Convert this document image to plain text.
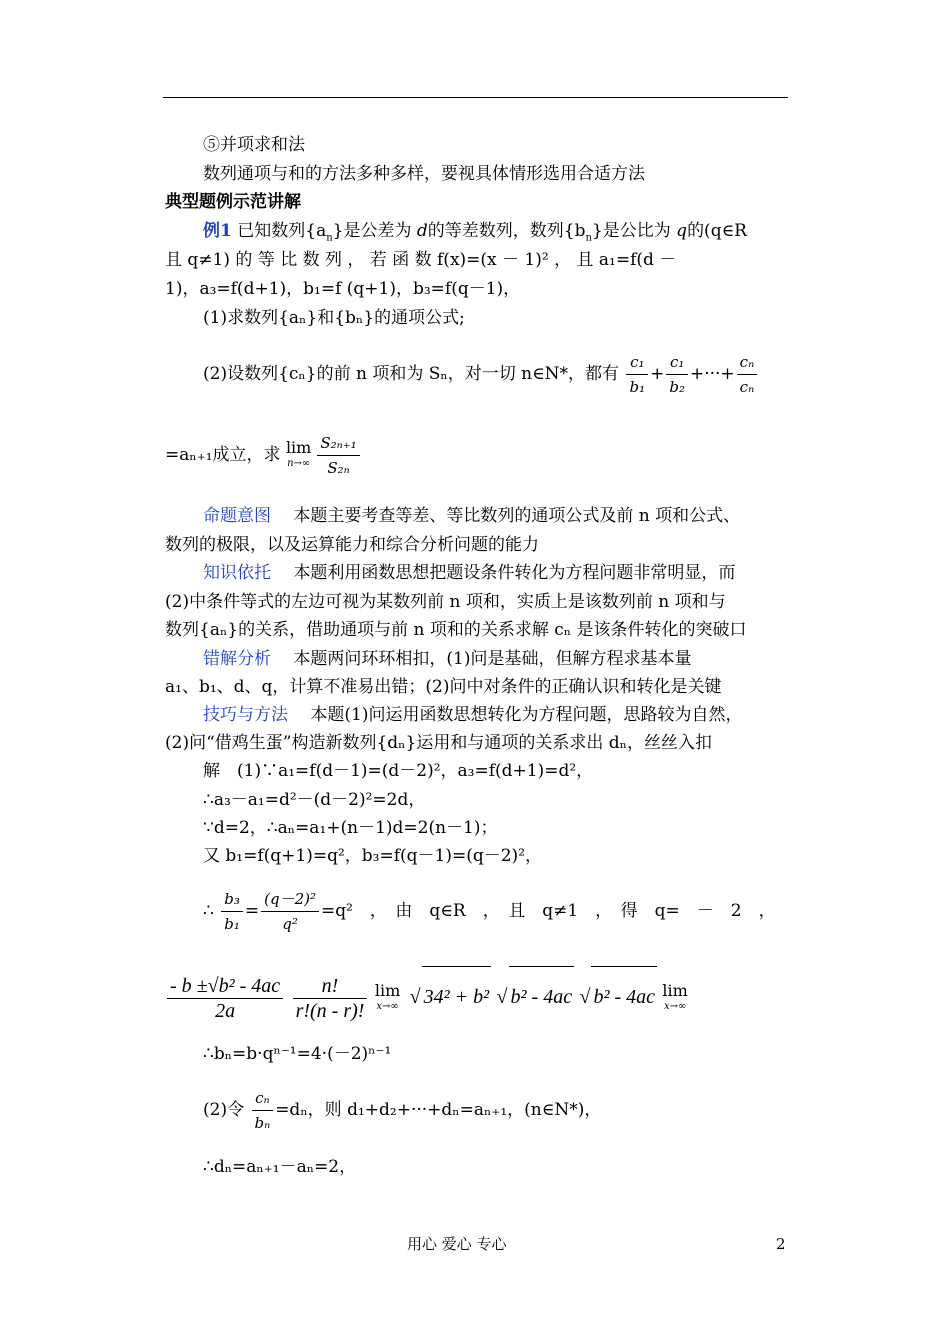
⑤并项求和法
数列通项与和的方法多种多样，要视具体情形选用合适方法
典型题例示范讲解
例1 已知数列$\{a_n\}$是公差为 d的等差数列，数列$\{b_n\}$是公比为 q的(q∈R
且 q≠1) 的 等 比 数 列 ， 若 函 数 f(x)=(x － 1)² ， 且 a₁=f(d －
1)，a₃=f(d+1)，b₁=f (q+1)，b₃=f(q－1)，
(1)求数列{aₙ}和{bₙ}的通项公式;
(2)设数列{cₙ}的前 n 项和为 Sₙ，对一切 n∈N*，都有 $\frac{\text{c₁}}{\text{b₁}} + \frac{\text{c₁}}{\text{b₂}}$ +···+ $\frac{\text{cₙ}}{\text{cₙ}}$
=aₙ₊₁成立，求 lim
$n\to\infty \frac{\text{S₂ₙ₊₁}}{\text{S₂ₙ}}$
命题意图　 本题主要考查等差、等比数列的通项公式及前 n 项和公式、
数列的极限，以及运算能力和综合分析问题的能力
知识依托　 本题利用函数思想把题设条件转化为方程问题非常明显，而
(2)中条件等式的左边可视为某数列前 n 项和，实质上是该数列前 n 项和与
数列{aₙ}的关系，借助通项与前 n 项和的关系求解 cₙ 是该条件转化的突破口
错解分析　 本题两问环环相扣，(1)问是基础，但解方程求基本量
a₁、b₁、d、q，计算不准易出错；(2)问中对条件的正确认识和转化是关键
技巧与方法　 本题(1)问运用函数思想转化为方程问题，思路较为自然，
(2)问“借鸡生蛋”构造新数列{dₙ}运用和与通项的关系求出 dₙ，丝丝入扣
解　(1)∵a₁=f(d－1)=(d－2)²，a₃=f(d+1)=d²，
∴a₃－a₁=d²－(d－2)²=2d，
∵d=2，∴aₙ=a₁+(n－1)d=2(n－1)；
又 b₁=f(q+1)=q²，b₃=f(q－1)=(q－2)²，
∴ $\frac{\text{b₃}}{\text{b₁}} = \frac{\text{(q－2)²}}{\text{q²}} =q^2$　，　由　q∈R　，　且　q≠1　，　得　q=　－　2　，
$\frac{\text{- b ±√b² - 4ac}}{2a}$
$\frac{n!}{r!(n - r)!}$
lim
x→∞ √ 34² + b² √ b² - 4ac √ b² - 4ac lim
x→∞
∴bₙ=b·qⁿ⁻¹=4·(－2)ⁿ⁻¹
(2)令 $\frac{\text{cₙ}}{\text{bₙ}} =d_n$，则 d₁+d₂+···+dₙ=aₙ₊₁，(n∈N*)，
∴dₙ=aₙ₊₁－aₙ=2，
用心 爱心 专心	2
